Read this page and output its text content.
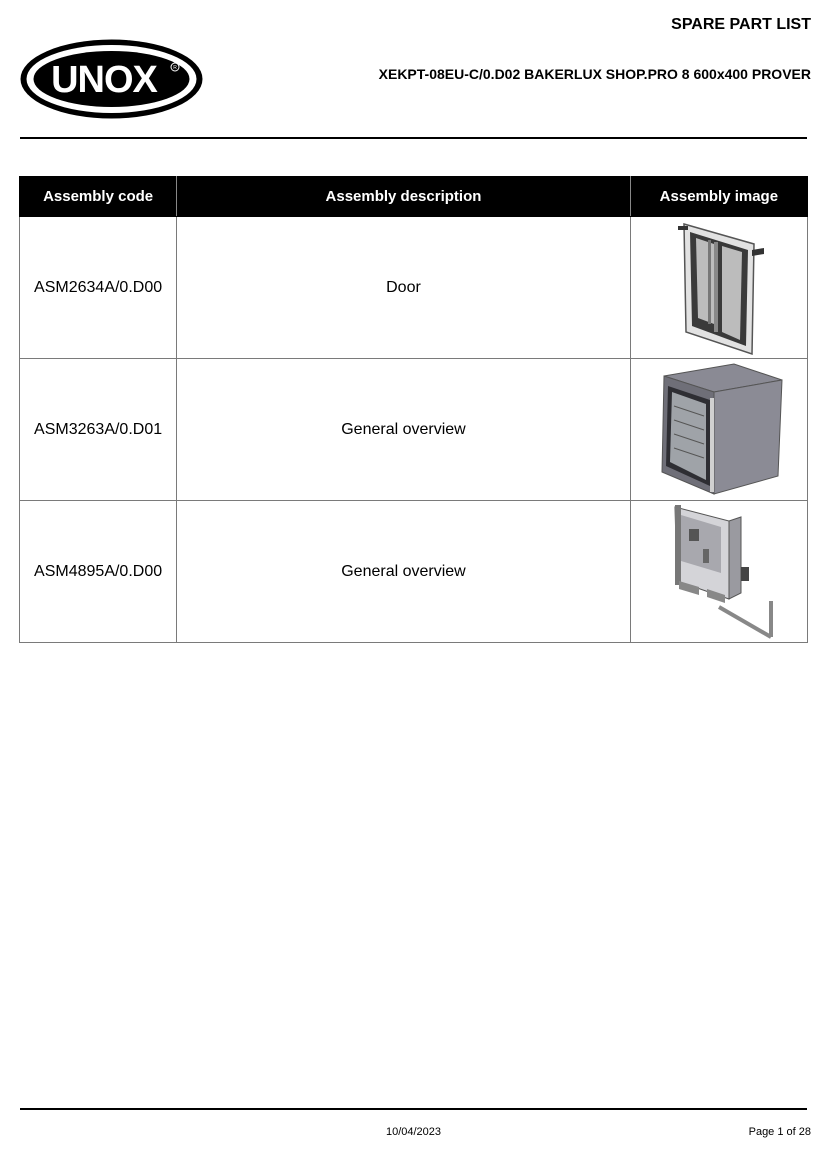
UNOX	R
SPARE PART LIST
XEKPT-08EU-C/0.D02 BAKERLUX SHOP.PRO 8 600x400 PROVER
Assembly code	Assembly description	Assembly image
ASM2634A/0.D00	Door	

ASM3263A/0.D01	General overview	

ASM4895A/0.D00	General overview	
10/04/2023	Page 1 of 28
